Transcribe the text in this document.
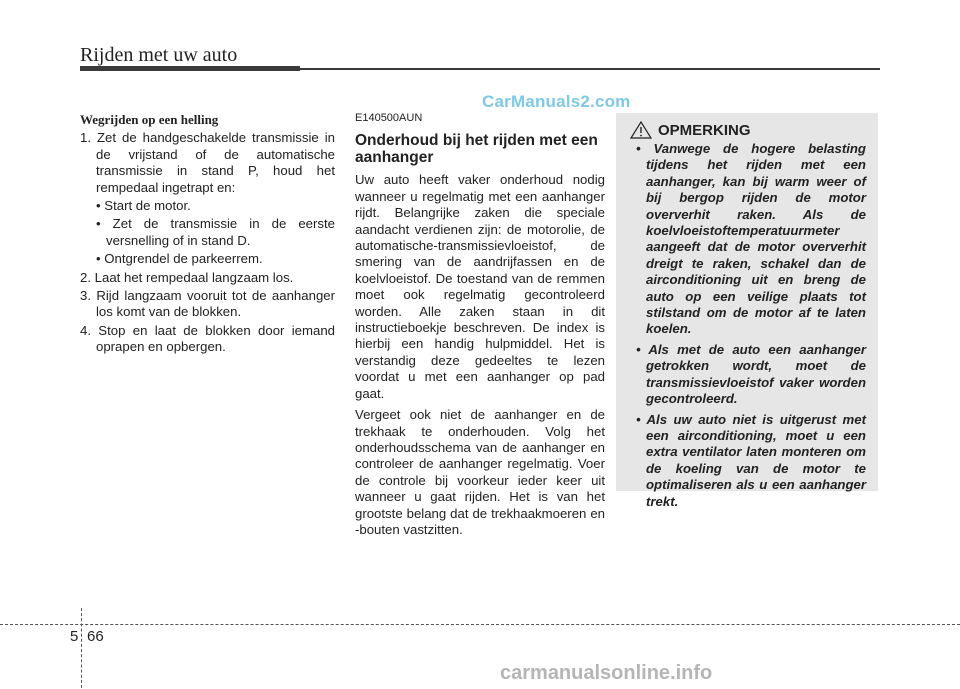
Rijden met uw auto
CarManuals2.com
Wegrijden op een helling
1. Zet de handgeschakelde transmissie in de vrijstand of de automatische transmissie in stand P, houd het rempedaal ingetrapt en:
• Start de motor.
• Zet de transmissie in de eerste versnelling of in stand D.
• Ontgrendel de parkeerrem.
2. Laat het rempedaal langzaam los.
3. Rijd langzaam vooruit tot de aanhanger los komt van de blokken.
4. Stop en laat de blokken door iemand oprapen en opbergen.
E140500AUN
Onderhoud bij het rijden met een aanhanger
Uw auto heeft vaker onderhoud nodig wanneer u regelmatig met een aanhanger rijdt. Belangrijke zaken die speciale aandacht verdienen zijn: de motorolie, de automatische-transmissievloeistof, de smering van de aandrijfassen en de koelvloeistof. De toestand van de remmen moet ook regelmatig gecontroleerd worden. Alle zaken staan in dit instructieboekje beschreven. De index is hierbij een handig hulpmiddel. Het is verstandig deze gedeeltes te lezen voordat u met een aanhanger op pad gaat.
Vergeet ook niet de aanhanger en de trekhaak te onderhouden. Volg het onderhoudsschema van de aanhanger en controleer de aanhanger regelmatig. Voer de controle bij voorkeur ieder keer uit wanneer u gaat rijden. Het is van het grootste belang dat de trekhaakmoeren en -bouten vastzitten.
OPMERKING
• Vanwege de hogere belasting tijdens het rijden met een aanhanger, kan bij warm weer of bij bergop rijden de motor oververhit raken. Als de koelvloeistoftemperatuurmeter aangeeft dat de motor oververhit dreigt te raken, schakel dan de airconditioning uit en breng de auto op een veilige plaats tot stilstand om de motor af te laten koelen.
• Als met de auto een aanhanger getrokken wordt, moet de transmissievloeistof vaker worden gecontroleerd.
• Als uw auto niet is uitgerust met een airconditioning, moet u een extra ventilator laten monteren om de koeling van de motor te optimaliseren als u een aanhanger trekt.
5 66
carmanualsonline.info
